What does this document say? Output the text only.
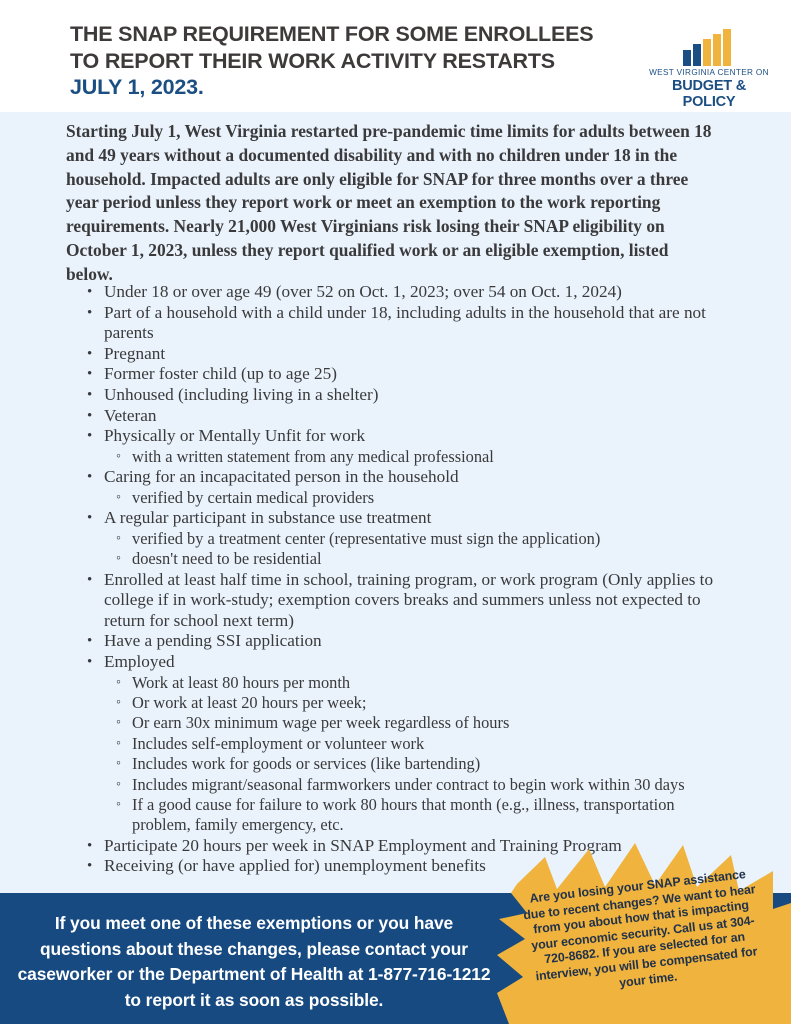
THE SNAP REQUIREMENT FOR SOME ENROLLEES
TO REPORT THEIR WORK ACTIVITY RESTARTS
JULY 1, 2023.
WEST VIRGINIA CENTER ON
BUDGET & POLICY
Starting July 1, West Virginia restarted pre-pandemic time limits for adults between 18 and 49 years without a documented disability and with no children under 18 in the household. Impacted adults are only eligible for SNAP for three months over a three year period unless they report work or meet an exemption to the work reporting requirements. Nearly 21,000 West Virginians risk losing their SNAP eligibility on October 1, 2023, unless they report qualified work or an eligible exemption, listed below.
• Under 18 or over age 49 (over 52 on Oct. 1, 2023; over 54 on Oct. 1, 2024)
• Part of a household with a child under 18, including adults in the household that are not parents
• Pregnant
• Former foster child (up to age 25)
• Unhoused (including living in a shelter)
• Veteran
• Physically or Mentally Unfit for work
◦ with a written statement from any medical professional
• Caring for an incapacitated person in the household
◦ verified by certain medical providers
• A regular participant in substance use treatment
◦ verified by a treatment center (representative must sign the application)
◦ doesn't need to be residential
• Enrolled at least half time in school, training program, or work program (Only applies to college if in work-study; exemption covers breaks and summers unless not expected to return for school next term)
• Have a pending SSI application
• Employed
◦ Work at least 80 hours per month
◦ Or work at least 20 hours per week;
◦ Or earn 30x minimum wage per week regardless of hours
◦ Includes self-employment or volunteer work
◦ Includes work for goods or services (like bartending)
◦ Includes migrant/seasonal farmworkers under contract to begin work within 30 days
◦ If a good cause for failure to work 80 hours that month (e.g., illness, transportation problem, family emergency, etc.
• Participate 20 hours per week in SNAP Employment and Training Program
• Receiving (or have applied for) unemployment benefits
If you meet one of these exemptions or you have questions about these changes, please contact your caseworker or the Department of Health at 1-877-716-1212 to report it as soon as possible.
Are you losing your SNAP assistance due to recent changes? We want to hear from you about how that is impacting your economic security. Call us at 304-720-8682. If you are selected for an interview, you will be compensated for your time.
